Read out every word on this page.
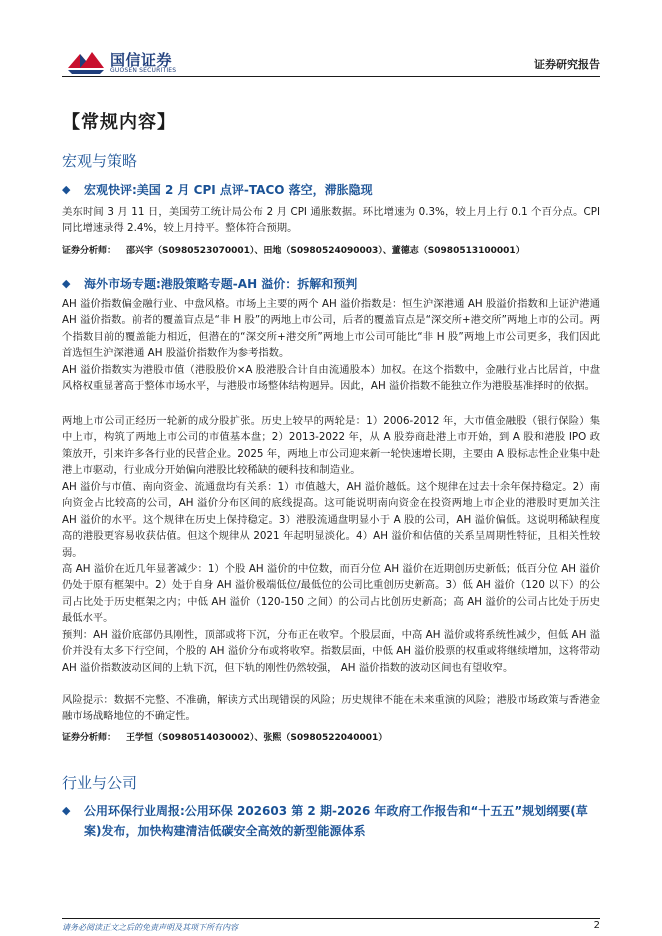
国信证券
GUOSEN SECURITIES	证券研究报告
【常规内容】
宏观与策略
◆ 宏观快评:美国 2 月 CPI 点评-TACO 落空，滞胀隐现

美东时间 3 月 11 日，美国劳工统计局公布 2 月 CPI 通胀数据。环比增速为 0.3%，较上月上行 0.1 个百分点。CPI 同比增速录得 2.4%，较上月持平。整体符合预期。

证券分析师： 邵兴宇（S0980523070001）、田地（S0980524090003）、董德志（S0980513100001）
◆ 海外市场专题:港股策略专题-AH 溢价：拆解和预判

AH 溢价指数偏金融行业、中盘风格。市场上主要的两个 AH 溢价指数是：恒生沪深港通 AH 股溢价指数和上证沪港通 AH 溢价指数。前者的覆盖盲点是“非 H 股”的两地上市公司，后者的覆盖盲点是“深交所+港交所”两地上市的公司。两个指数目前的覆盖能力相近，但潜在的“深交所+港交所”两地上市公司可能比“非 H 股”两地上市公司更多，我们因此首选恒生沪深港通 AH 股溢价指数作为参考指数。

AH 溢价指数实为港股市值（港股股价×A 股港股合计自由流通股本）加权。在这个指数中，金融行业占比居首，中盘风格权重显著高于整体市场水平，与港股市场整体结构迥异。因此，AH 溢价指数不能独立作为港股基准择时的依据。

两地上市公司正经历一轮新的成分股扩张。历史上较早的两轮是：1）2006-2012 年，大市值金融股（银行保险）集中上市，构筑了两地上市公司的市值基本盘；2）2013-2022 年，从 A 股券商赴港上市开始，到 A 股和港股 IPO 政策放开，引来许多各行业的民营企业。2025 年，两地上市公司迎来新一轮快速增长期，主要由 A 股标志性企业集中赴港上市驱动，行业成分开始偏向港股比较稀缺的硬科技和制造业。

AH 溢价与市值、南向资金、流通盘均有关系：1）市值越大，AH 溢价越低。这个规律在过去十余年保持稳定。2）南向资金占比较高的公司，AH 溢价分布区间的底线提高。这可能说明南向资金在投资两地上市企业的港股时更加关注 AH 溢价的水平。这个规律在历史上保持稳定。3）港股流通盘明显小于 A 股的公司，AH 溢价偏低。这说明稀缺程度高的港股更容易收获估值。但这个规律从 2021 年起明显淡化。4）AH 溢价和估值的关系呈周期性特征，且相关性较弱。

高 AH 溢价在近几年显著减少：1）个股 AH 溢价的中位数，而百分位 AH 溢价在近期创历史新低；低百分位 AH 溢价仍处于原有框架中。2）处于自身 AH 溢价极端低位/最低位的公司比重创历史新高。3）低 AH 溢价（120 以下）的公司占比处于历史框架之内；中低 AH 溢价（120-150 之间）的公司占比创历史新高；高 AH 溢价的公司占比处于历史最低水平。

预判：AH 溢价底部仍具刚性，顶部或将下沉，分布正在收窄。个股层面，中高 AH 溢价或将系统性减少，但低 AH 溢价并没有太多下行空间，个股的 AH 溢价分布或将收窄。指数层面，中低 AH 溢价股票的权重或将继续增加，这将带动 AH 溢价指数波动区间的上轨下沉，但下轨的刚性仍然较强， AH 溢价指数的波动区间也有望收窄。

风险提示：数据不完整、不准确，解读方式出现错误的风险；历史规律不能在未来重演的风险；港股市场政策与香港金融市场战略地位的不确定性。

证券分析师： 王学恒（S0980514030002）、张熙（S0980522040001）
行业与公司
◆ 公用环保行业周报:公用环保 202603 第 2 期-2026 年政府工作报告和“十五五”规划纲要(草案)发布，加快构建清洁低碳安全高效的新型能源体系
请务必阅读正文之后的免责声明及其项下所有内容	2
